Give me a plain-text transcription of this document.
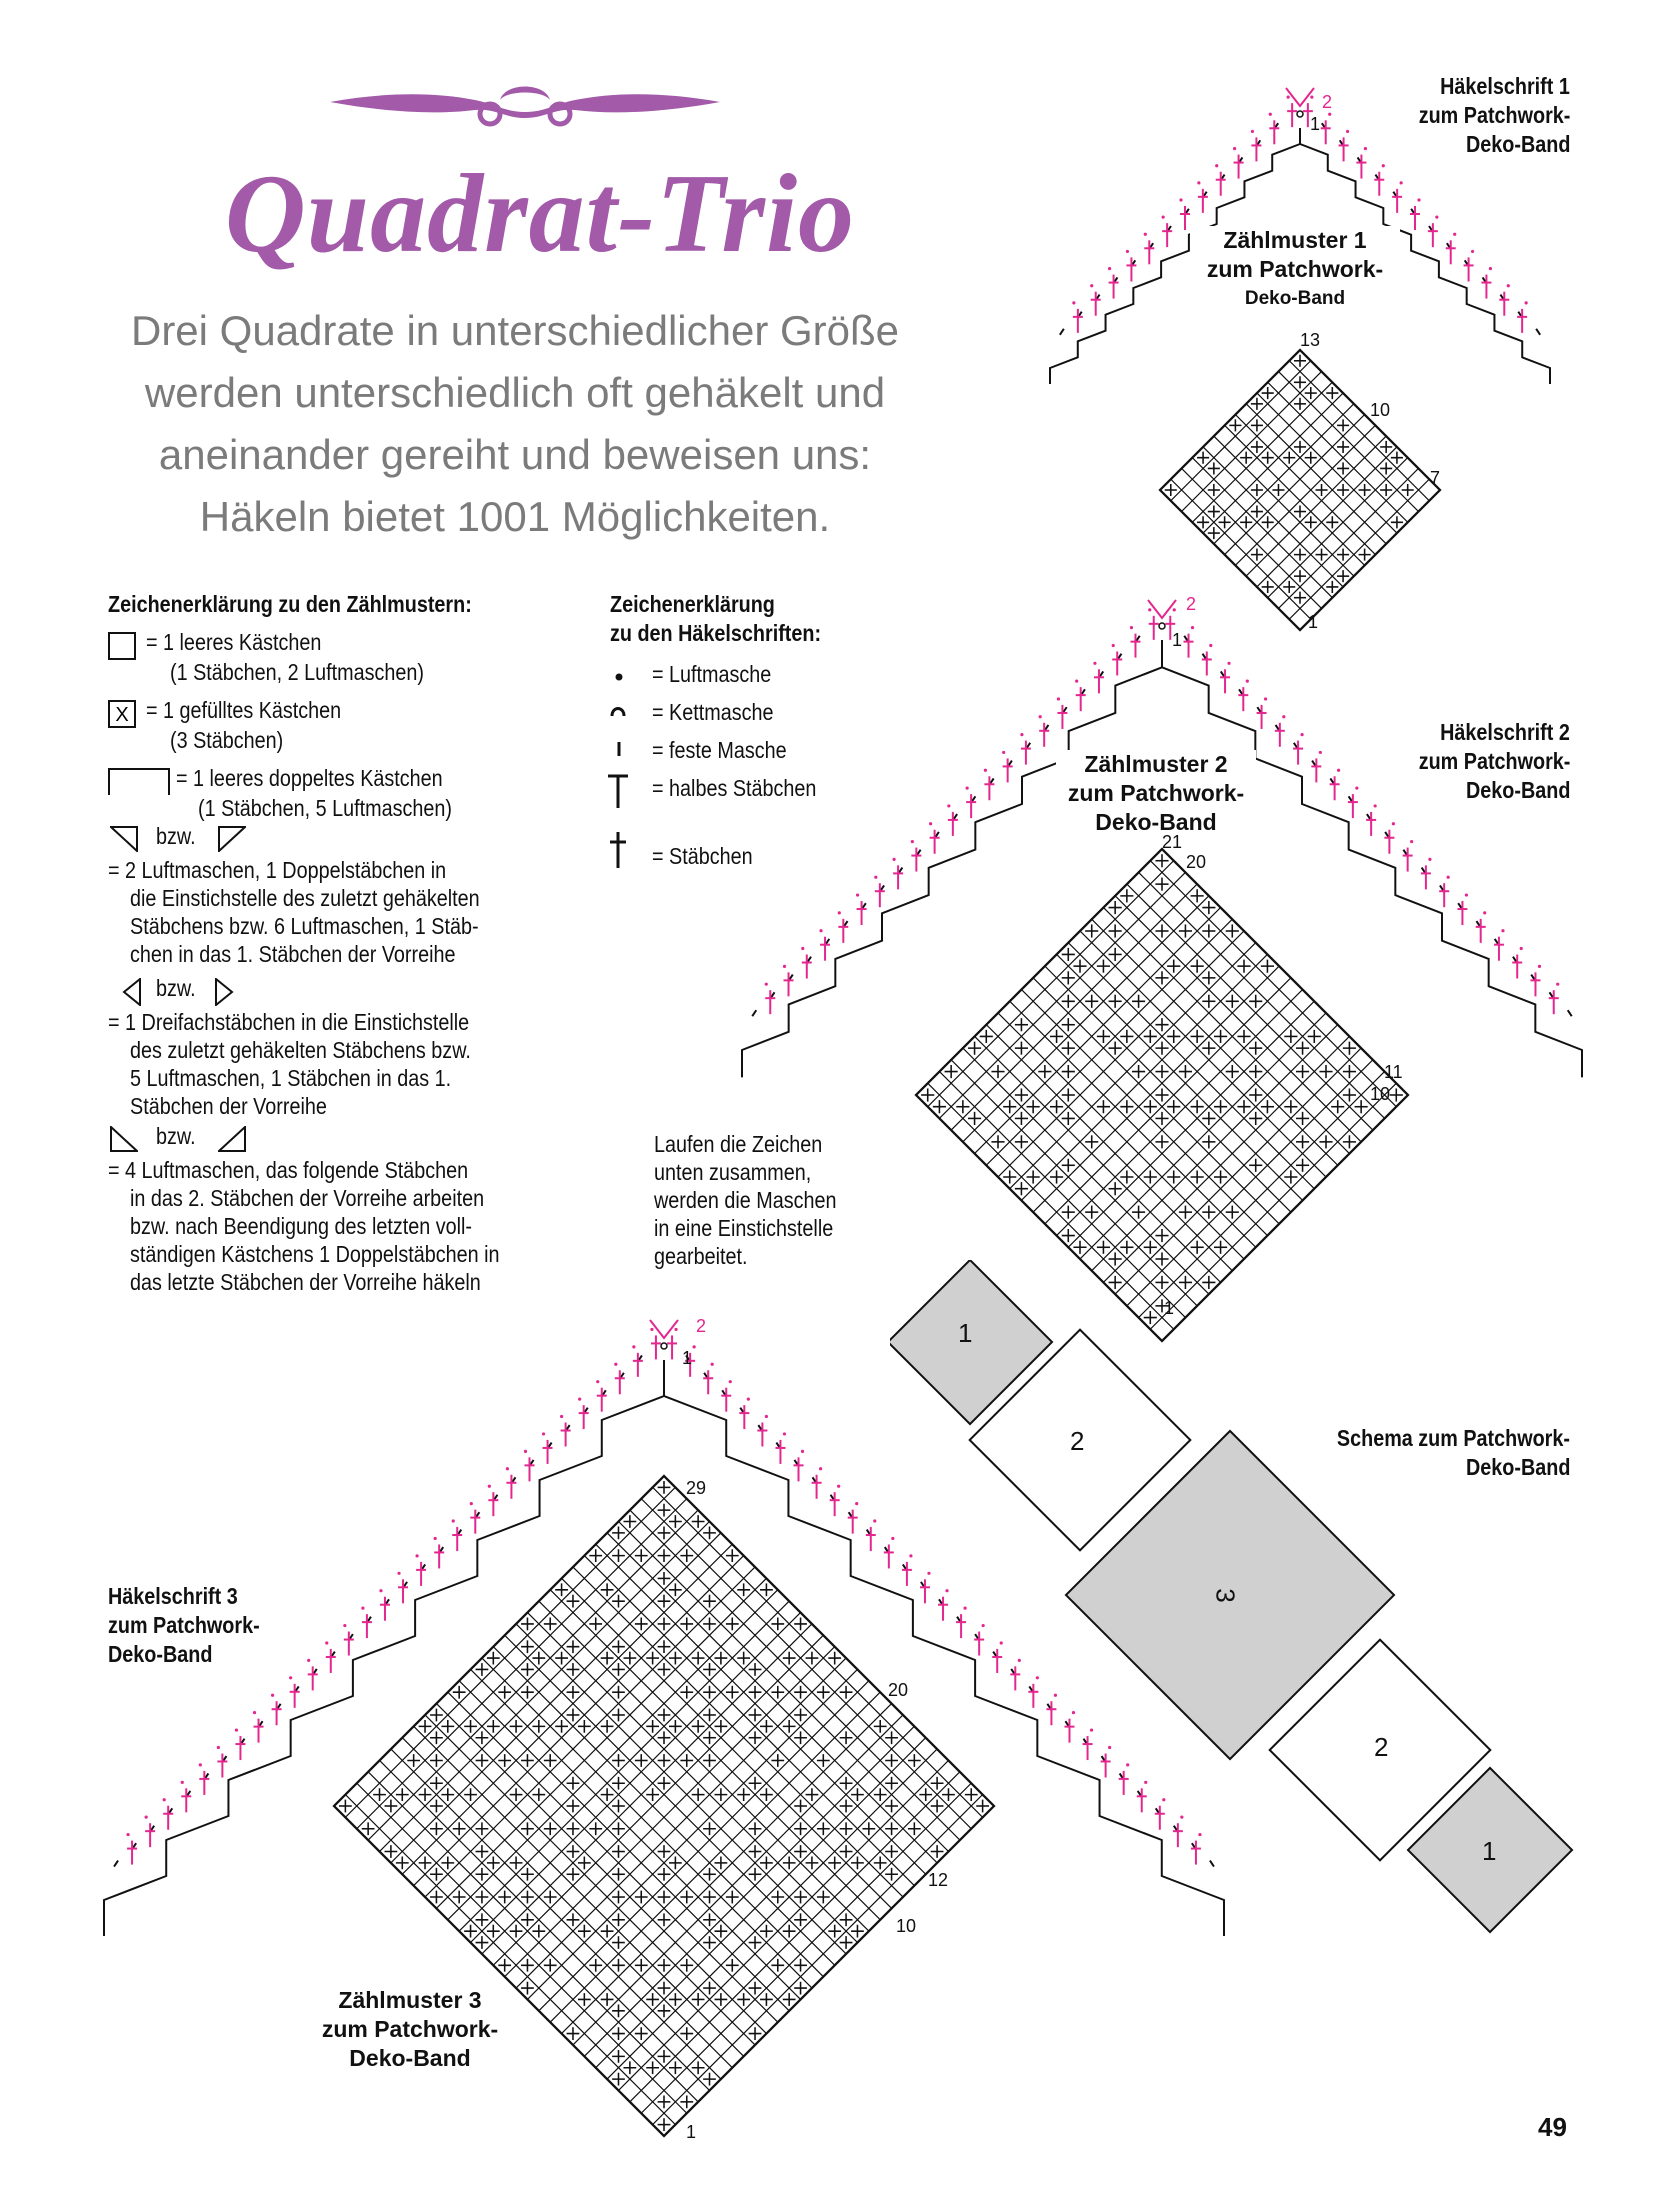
Quadrat-Trio
Drei Quadrate in unterschiedlicher Größe
werden unterschiedlich oft gehäkelt und
aneinander gereiht und beweisen uns:
Häkeln bietet 1001 Möglichkeiten.
Zeichenerklärung zu den Zählmustern:
= 1 leeres Kästchen
(1 Stäbchen, 2 Luftmaschen)
X = 1 gefülltes Kästchen
(3 Stäbchen)
= 1 leeres doppeltes Kästchen
(1 Stäbchen, 5 Luftmaschen)
bzw.
= 2 Luftmaschen, 1 Doppelstäbchen in
die Einstichstelle des zuletzt gehäkelten
Stäbchens bzw. 6 Luftmaschen, 1 Stäb-
chen in das 1. Stäbchen der Vorreihe
bzw.
= 1 Dreifachstäbchen in die Einstichstelle
des zuletzt gehäkelten Stäbchens bzw.
5 Luftmaschen, 1 Stäbchen in das 1.
Stäbchen der Vorreihe
bzw.
= 4 Luftmaschen, das folgende Stäbchen
in das 2. Stäbchen der Vorreihe arbeiten
bzw. nach Beendigung des letzten voll-
ständigen Kästchens 1 Doppelstäbchen in
das letzte Stäbchen der Vorreihe häkeln
Zeichenerklärung
zu den Häkelschriften:
= Luftmasche
= Kettmasche
= feste Masche
= halbes Stäbchen
= Stäbchen
Laufen die Zeichen
unten zusammen,
werden die Maschen
in eine Einstichstelle
gearbeitet.
Häkelschrift 1
zum Patchwork-
Deko-Band
Zählmuster 1
zum Patchwork-
Deko-Band
Häkelschrift 2
zum Patchwork-
Deko-Band
Zählmuster 2
zum Patchwork-
Deko-Band
Häkelschrift 3
zum Patchwork-
Deko-Band
Zählmuster 3
zum Patchwork-
Deko-Band
Schema zum Patchwork-
Deko-Band
13
10
7
1
1
2
21
20
11
10
1
1
2
29
20
12
10
1
1
2	1
2
3
2
1
49
